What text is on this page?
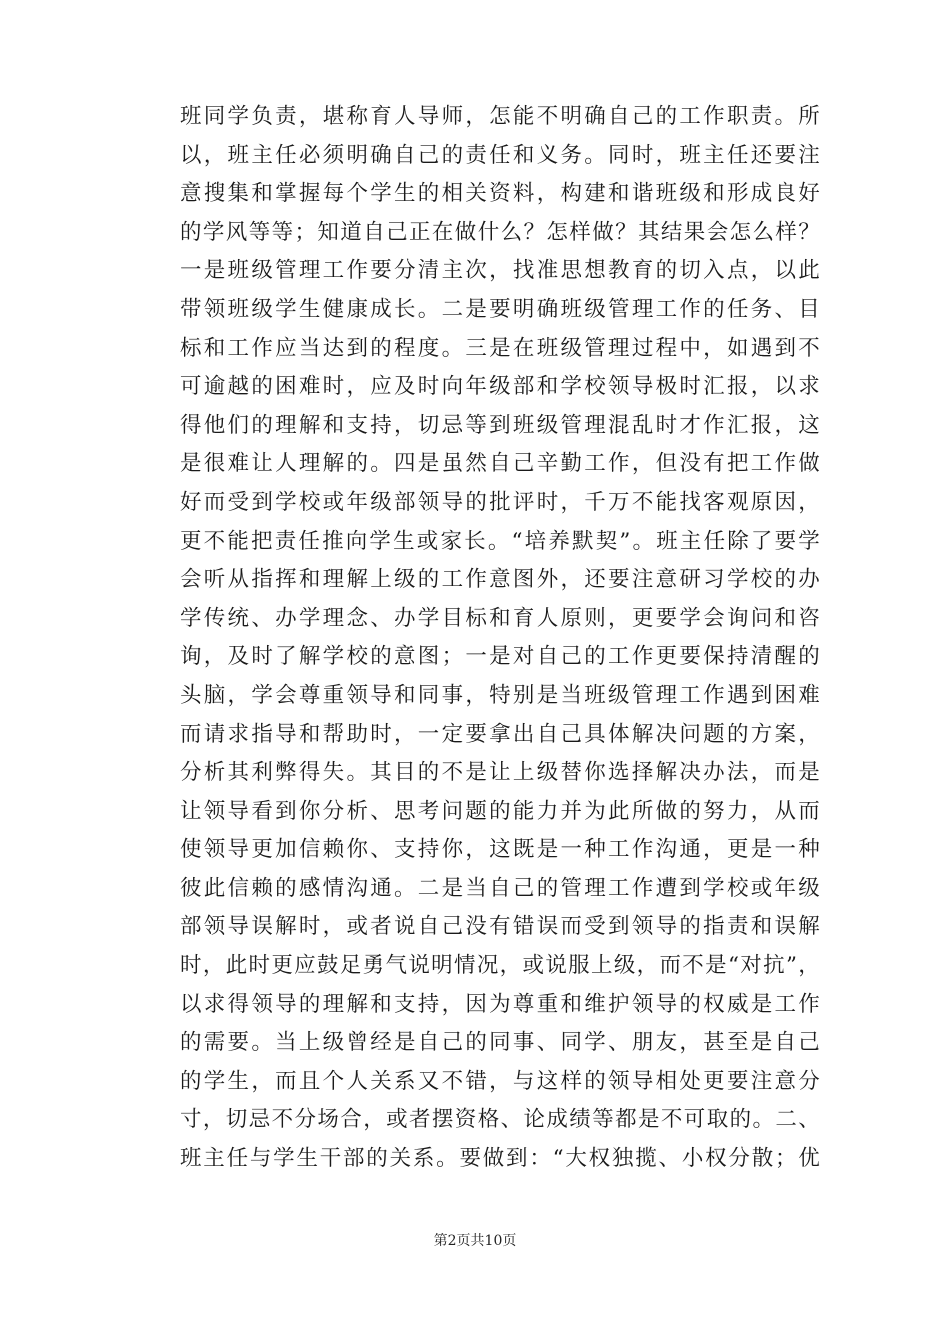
班同学负责，堪称育人导师，怎能不明确自己的工作职责。所
以，班主任必须明确自己的责任和义务。同时，班主任还要注
意搜集和掌握每个学生的相关资料，构建和谐班级和形成良好
的学风等等；知道自己正在做什么？怎样做？其结果会怎么样？
一是班级管理工作要分清主次，找准思想教育的切入点，以此
带领班级学生健康成长。二是要明确班级管理工作的任务、目
标和工作应当达到的程度。三是在班级管理过程中，如遇到不
可逾越的困难时，应及时向年级部和学校领导极时汇报，以求
得他们的理解和支持，切忌等到班级管理混乱时才作汇报，这
是很难让人理解的。四是虽然自己辛勤工作，但没有把工作做
好而受到学校或年级部领导的批评时，千万不能找客观原因，
更不能把责任推向学生或家长。“培养默契”。班主任除了要学
会听从指挥和理解上级的工作意图外，还要注意研习学校的办
学传统、办学理念、办学目标和育人原则，更要学会询问和咨
询，及时了解学校的意图；一是对自己的工作更要保持清醒的
头脑，学会尊重领导和同事，特别是当班级管理工作遇到困难
而请求指导和帮助时，一定要拿出自己具体解决问题的方案，
分析其利弊得失。其目的不是让上级替你选择解决办法，而是
让领导看到你分析、思考问题的能力并为此所做的努力，从而
使领导更加信赖你、支持你，这既是一种工作沟通，更是一种
彼此信赖的感情沟通。二是当自己的管理工作遭到学校或年级
部领导误解时，或者说自己没有错误而受到领导的指责和误解
时，此时更应鼓足勇气说明情况，或说服上级，而不是“对抗”，
以求得领导的理解和支持，因为尊重和维护领导的权威是工作
的需要。当上级曾经是自己的同事、同学、朋友，甚至是自己
的学生，而且个人关系又不错，与这样的领导相处更要注意分
寸，切忌不分场合，或者摆资格、论成绩等都是不可取的。二、
班主任与学生干部的关系。要做到：“大权独揽、小权分散；优
第2页共10页
